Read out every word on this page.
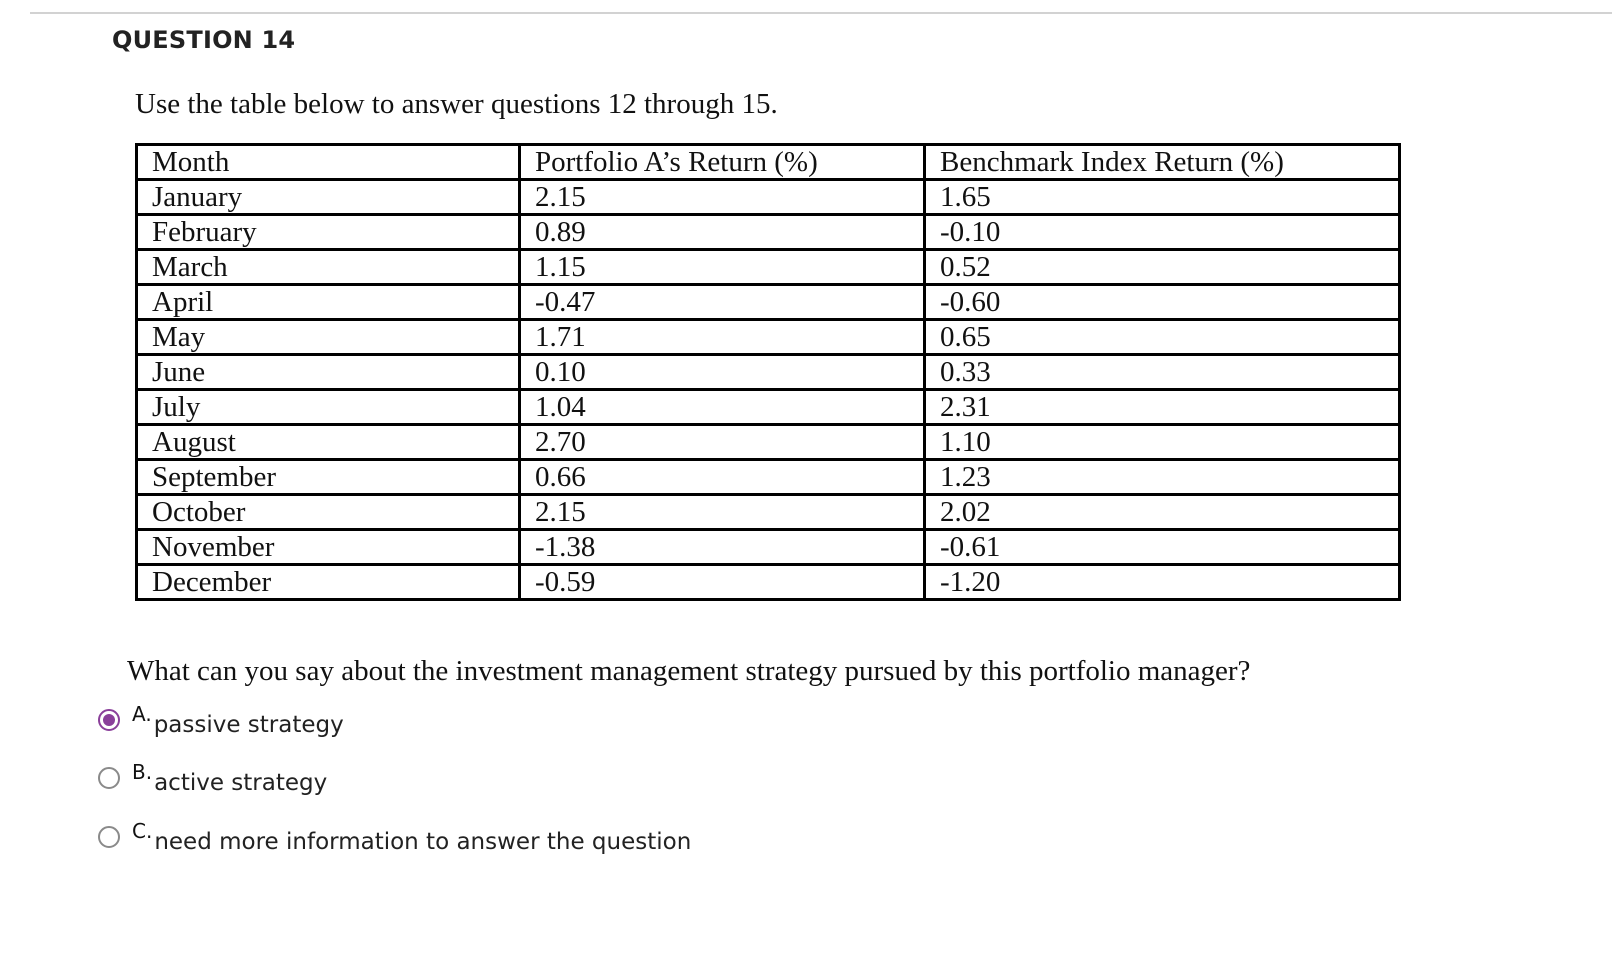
QUESTION 14
Use the table below to answer questions 12 through 15.
Month	Portfolio A’s Return (%)	Benchmark Index Return (%)
January	2.15	1.65
February	0.89	-0.10
March	1.15	0.52
April	-0.47	-0.60
May	1.71	0.65
June	0.10	0.33
July	1.04	2.31
August	2.70	1.10
September	0.66	1.23
October	2.15	2.02
November	-1.38	-0.61
December	-0.59	-1.20
What can you say about the investment management strategy pursued by this portfolio manager?
A. passive strategy
B. active strategy
C. need more information to answer the question
